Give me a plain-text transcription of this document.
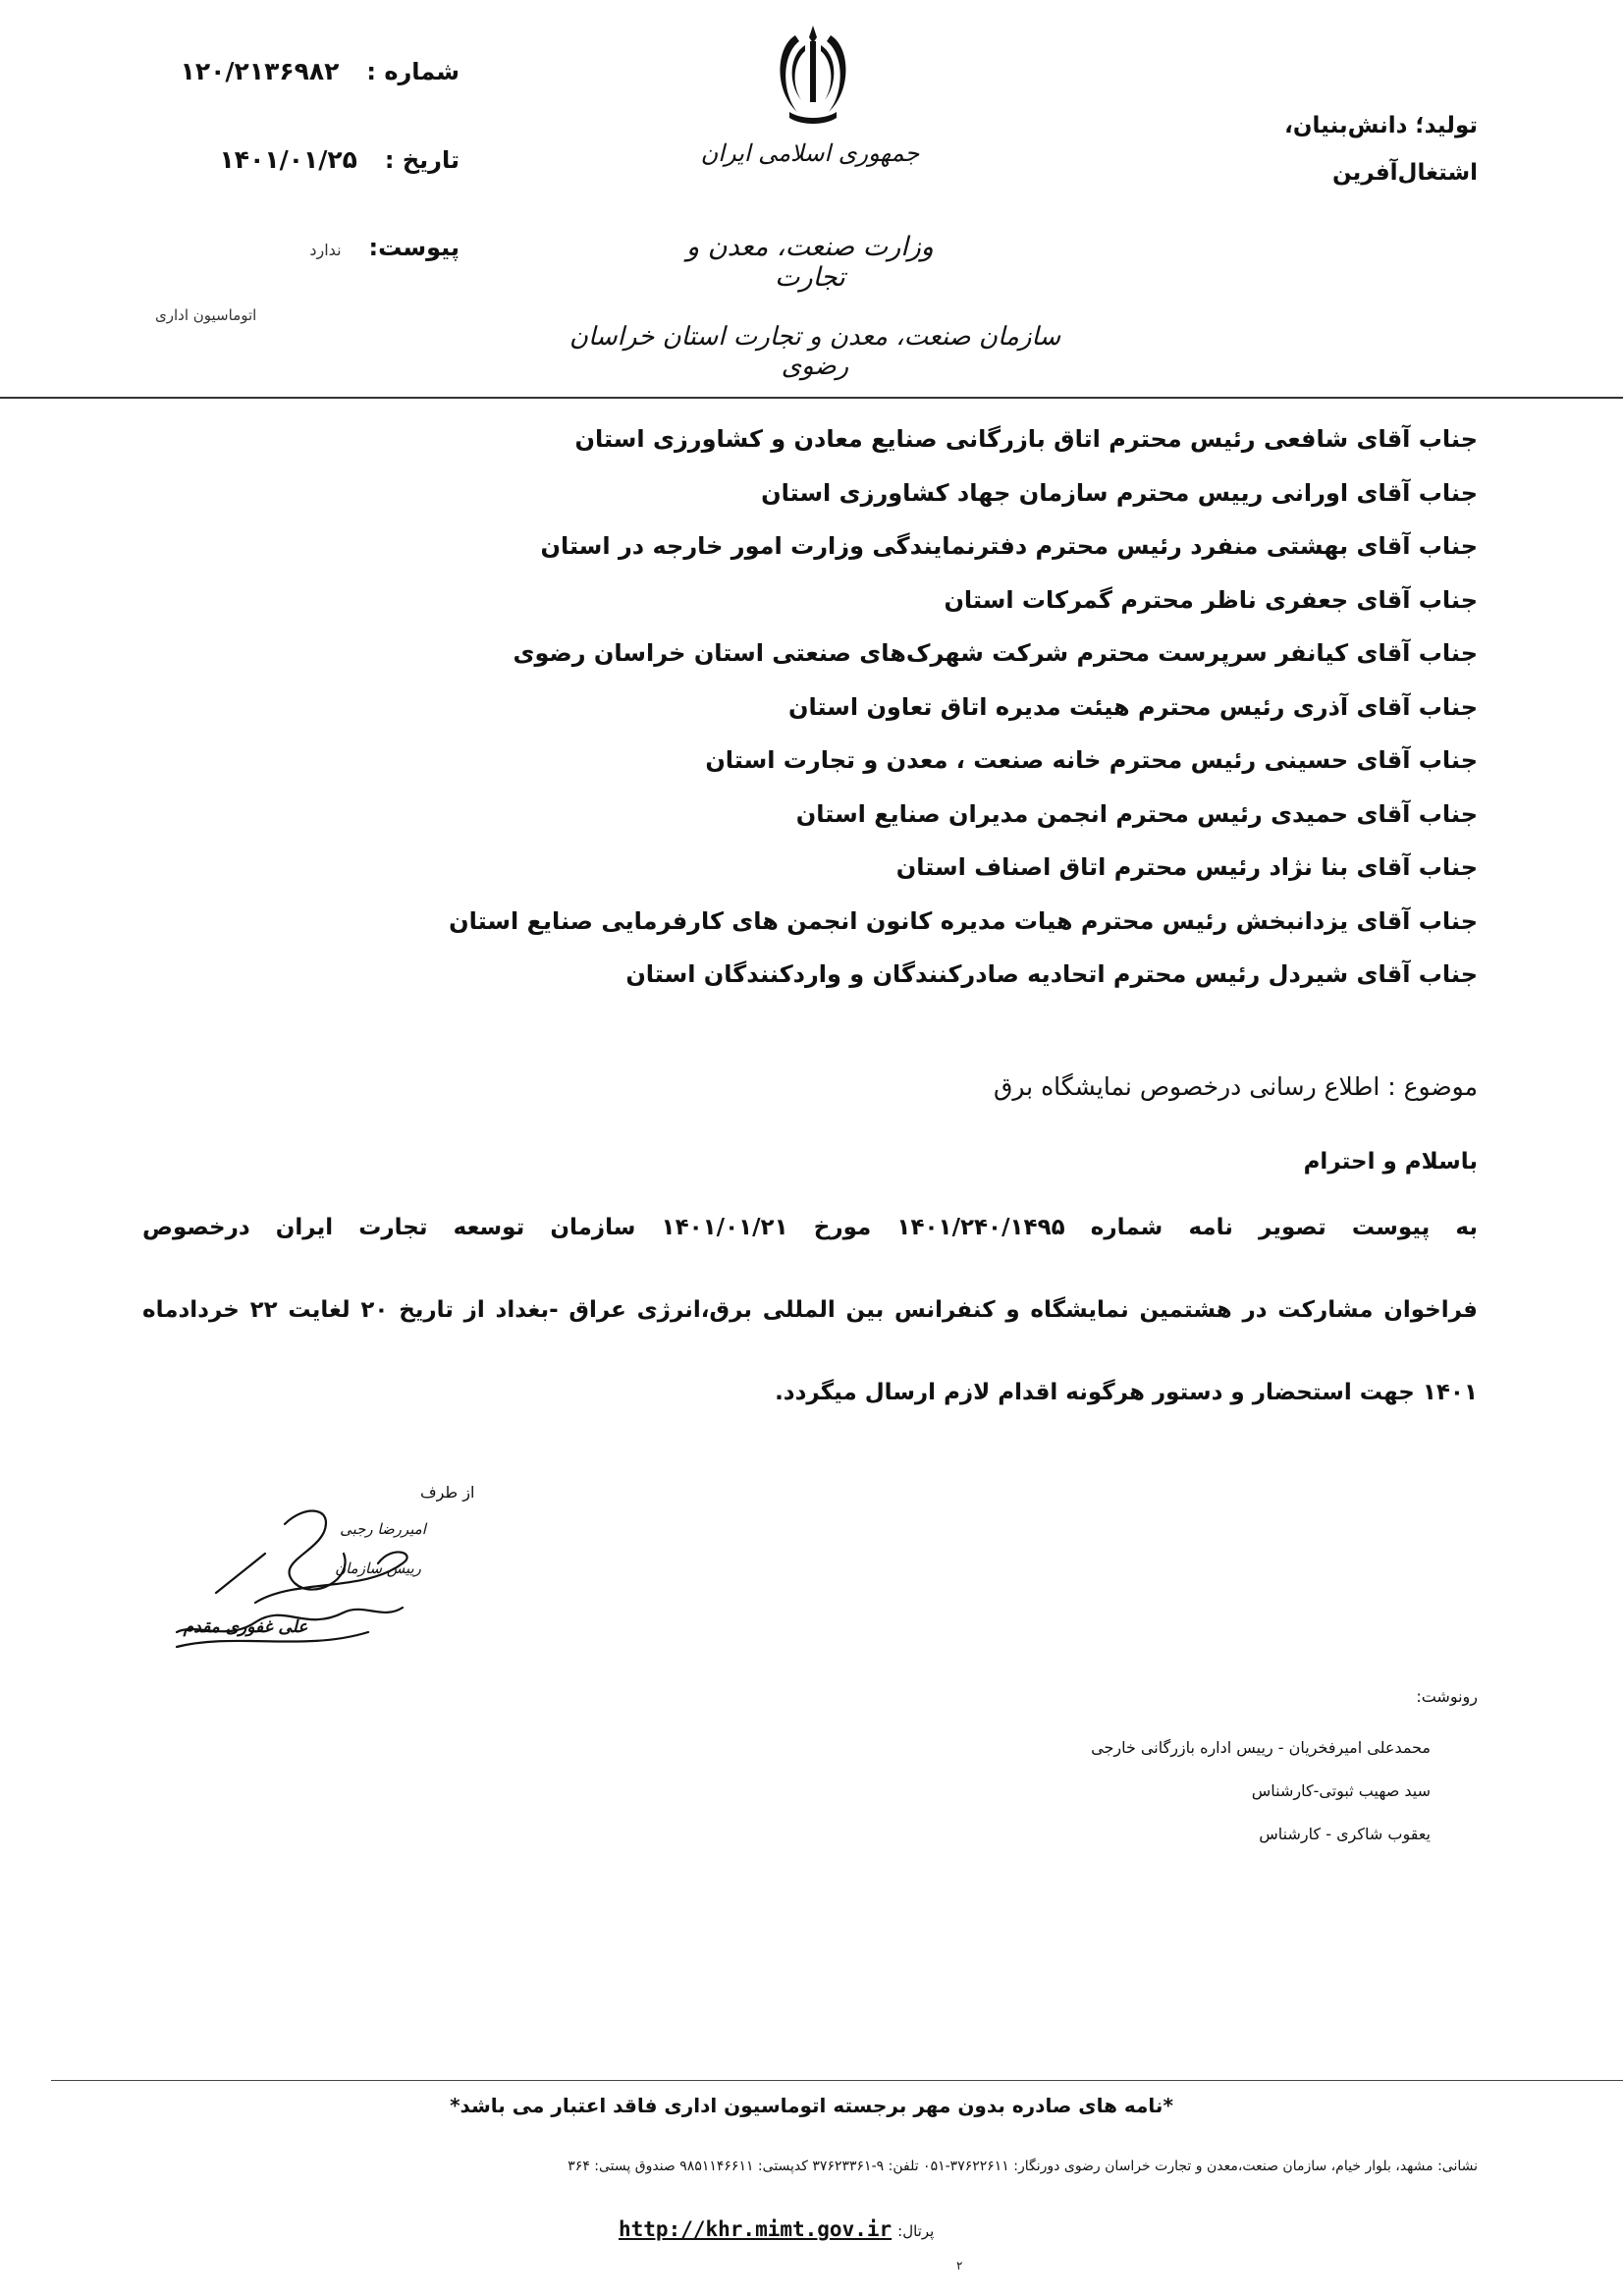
شماره :
۱۲۰/۲۱۳۶۹۸۲
تاریخ :
۱۴۰۱/۰۱/۲۵
پیوست:
ندارد
اتوماسیون اداری
جمهوری اسلامی ایران
وزارت صنعت، معدن و تجارت
سازمان صنعت، معدن و تجارت استان خراسان رضوی
تولید؛ دانش‌بنیان،
اشتغال‌آفرین
جناب آقای شافعی رئیس محترم اتاق بازرگانی صنایع معادن و کشاورزی استان
جناب آقای اورانی رییس محترم سازمان جهاد کشاورزی استان
جناب آقای بهشتی منفرد رئیس محترم دفترنمایندگی وزارت امور خارجه در استان
جناب آقای جعفری ناظر محترم گمرکات استان
جناب آقای کیانفر سرپرست محترم شرکت شهرک‌های صنعتی استان خراسان رضوی
جناب آقای آذری رئیس محترم هیئت مدیره اتاق تعاون استان
جناب آقای حسینی رئیس محترم خانه صنعت ، معدن و تجارت استان
جناب آقای حمیدی رئیس محترم انجمن مدیران صنایع استان
جناب آقای بنا نژاد رئیس محترم اتاق اصناف استان
جناب آقای یزدانبخش رئیس محترم هیات مدیره کانون انجمن های کارفرمایی صنایع استان
جناب آقای شیردل رئیس محترم اتحادیه صادرکنندگان و واردکنندگان استان
موضوع : اطلاع رسانی درخصوص نمایشگاه برق
باسلام و احترام
به پیوست تصویر نامه شماره ۱۴۰۱/۲۴۰/۱۴۹۵ مورخ ۱۴۰۱/۰۱/۲۱ سازمان توسعه تجارت ایران درخصوص
فراخوان مشارکت در هشتمین نمایشگاه و کنفرانس بین المللی برق،انرژی عراق -بغداد از تاریخ ۲۰ لغایت ۲۲ خردادماه
۱۴۰۱ جهت استحضار و دستور هرگونه اقدام لازم ارسال میگردد.
از طرف
امیررضا رجبی
رییس سازمان
علی غفوری مقدم
رونوشت:
محمدعلی امیرفخریان - رییس اداره بازرگانی خارجی
سید صهیب ثبوتی-کارشناس
یعقوب شاکری - کارشناس
*نامه های صادره بدون مهر برجسته اتوماسیون اداری فاقد اعتبار می باشد*
نشانی: مشهد، بلوار خیام، سازمان صنعت،معدن و تجارت خراسان رضوی دورنگار: ۳۷۶۲۲۶۱۱-۰۵۱ تلفن: ۹-۳۷۶۲۳۳۶۱ کدپستی: ۹۸۵۱۱۴۶۶۱۱ صندوق پستی: ۳۶۴
پرتال:
http://khr.mimt.gov.ir
۲
